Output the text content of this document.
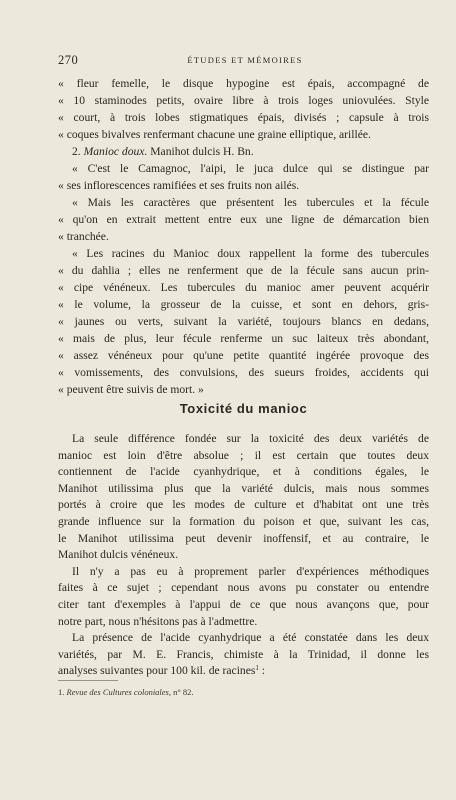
270	ÉTUDES ET MÉMOIRES
« fleur femelle, le disque hypogine est épais, accompagné de
« 10 staminodes petits, ovaire libre à trois loges uniovulées. Style
« court, à trois lobes stigmatiques épais, divisés ; capsule à trois
« coques bivalves renfermant chacune une graine elliptique, arillée.
2. Manioc doux. Manihot dulcis H. Bn.
« C'est le Camagnoc, l'aipi, le juca dulce qui se distingue par
« ses inflorescences ramifiées et ses fruits non ailés.
« Mais les caractères que présentent les tubercules et la fécule
« qu'on en extrait mettent entre eux une ligne de démarcation bien
« tranchée.
« Les racines du Manioc doux rappellent la forme des tubercules
« du dahlia ; elles ne renferment que de la fécule sans aucun prin-
« cipe vénéneux. Les tubercules du manioc amer peuvent acquérir
« le volume, la grosseur de la cuisse, et sont en dehors, gris-
« jaunes ou verts, suivant la variété, toujours blancs en dedans,
« mais de plus, leur fécule renferme un suc laiteux très abondant,
« assez vénéneux pour qu'une petite quantité ingérée provoque des
« vomissements, des convulsions, des sueurs froides, accidents qui
« peuvent être suivis de mort. »
Toxicité du manioc
La seule différence fondée sur la toxicité des deux variétés de
manioc est loin d'être absolue ; il est certain que toutes deux
contiennent de l'acide cyanhydrique, et à conditions égales, le
Manihot utilissima plus que la variété dulcis, mais nous sommes
portés à croire que les modes de culture et d'habitat ont une très
grande influence sur la formation du poison et que, suivant les cas,
le Manihot utilissima peut devenir inoffensif, et au contraire, le
Manihot dulcis vénéneux.
Il n'y a pas eu à proprement parler d'expériences méthodiques
faites à ce sujet ; cependant nous avons pu constater ou entendre
citer tant d'exemples à l'appui de ce que nous avançons que, pour
notre part, nous n'hésitons pas à l'admettre.
La présence de l'acide cyanhydrique a été constatée dans les deux
variétés, par M. E. Francis, chimiste à la Trinidad, il donne les
analyses suivantes pour 100 kil. de racines$^1$ :
1. Revue des Cultures coloniales, n° 82.
